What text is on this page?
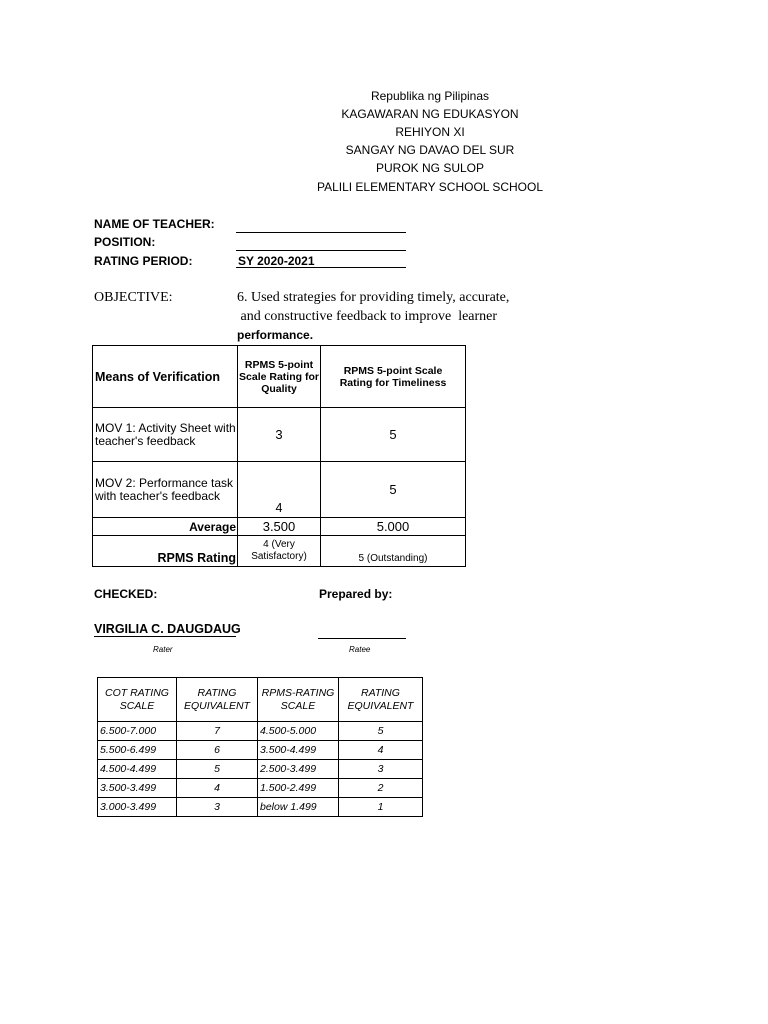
Republika ng Pilipinas
KAGAWARAN NG EDUKASYON
REHIYON XI
SANGAY NG DAVAO DEL SUR
PUROK NG SULOP
PALILI ELEMENTARY SCHOOL SCHOOL
NAME OF TEACHER:
POSITION:
RATING PERIOD:	SY 2020-2021
OBJECTIVE:	6. Used strategies for providing timely, accurate,
and constructive feedback to improve  learner
performance.
Means of Verification	RPMS 5-point Scale Rating for Quality	RPMS 5-point Scale Rating for Timeliness
MOV 1: Activity Sheet with teacher's feedback	3	5
MOV 2: Performance task with teacher's feedback	4	5
Average	3.500	5.000
RPMS Rating	4 (Very Satisfactory)	5 (Outstanding)
CHECKED:	Prepared by:
VIRGILIA C. DAUGDAUG
Rater	Ratee
COT RATING SCALE	RATING EQUIVALENT	RPMS-RATING SCALE	RATING EQUIVALENT
6.500-7.000	7	4.500-5.000	5
5.500-6.499	6	3.500-4.499	4
4.500-4.499	5	2.500-3.499	3
3.500-3.499	4	1.500-2.499	2
3.000-3.499	3	below 1.499	1
